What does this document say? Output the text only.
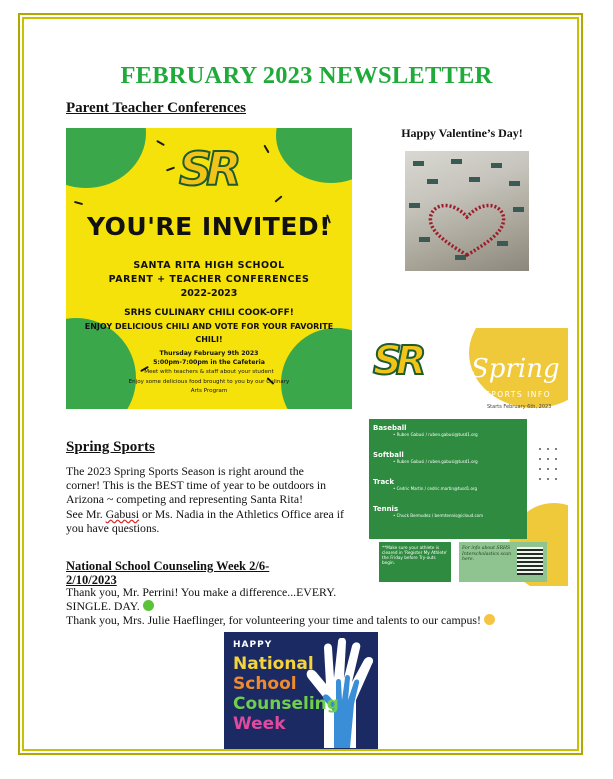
FEBRUARY 2023 NEWSLETTER
Parent Teacher Conferences
SR
YOU'RE INVITED!
SANTA RITA HIGH SCHOOL
PARENT + TEACHER CONFERENCES
2022-2023
SRHS CULINARY CHILI COOK-OFF!
ENJOY DELICIOUS CHILI AND VOTE FOR YOUR FAVORITE
CHILI!
Thursday February 9th 2023
5:00pm-7:00pm in the Cafeteria
Meet with teachers & staff about your student
Enjoy some delicious food brought to you by our Culinary
Arts Program
Happy Valentine’s Day!
SR Spring
SPORTS INFO
Starts February 6th, 2023
Baseball
• Ruben Gabusi / ruben.gabusi@tusd1.org
Softball
• Ruben Gabusi / ruben.gabusi@tusd1.org
Track
• Cedric Martin / cedric.martin@tusd1.org
Tennis
• Chuck Bermudez / bermtennis@icloud.com
**Make sure your athlete is cleared in 'Register My Athlete' the Friday before Try-outs begin.
For info about SRHS Interscholastics scan here.
Spring Sports
The 2023 Spring Sports Season is right around the
corner! This is the BEST time of year to be outdoors in
Arizona ~ competing and representing Santa Rita!
See Mr. Gabusi or Ms. Nadia in the Athletics Office area if
you have questions.
National School Counseling Week 2/6-
2/10/2023
Thank you, Mr. Perrini! You make a difference...EVERY.
SINGLE. DAY.
Thank you, Mrs. Julie Haeflinger, for volunteering your time and talents to our campus!
HAPPY
National
School
Counseling
Week
